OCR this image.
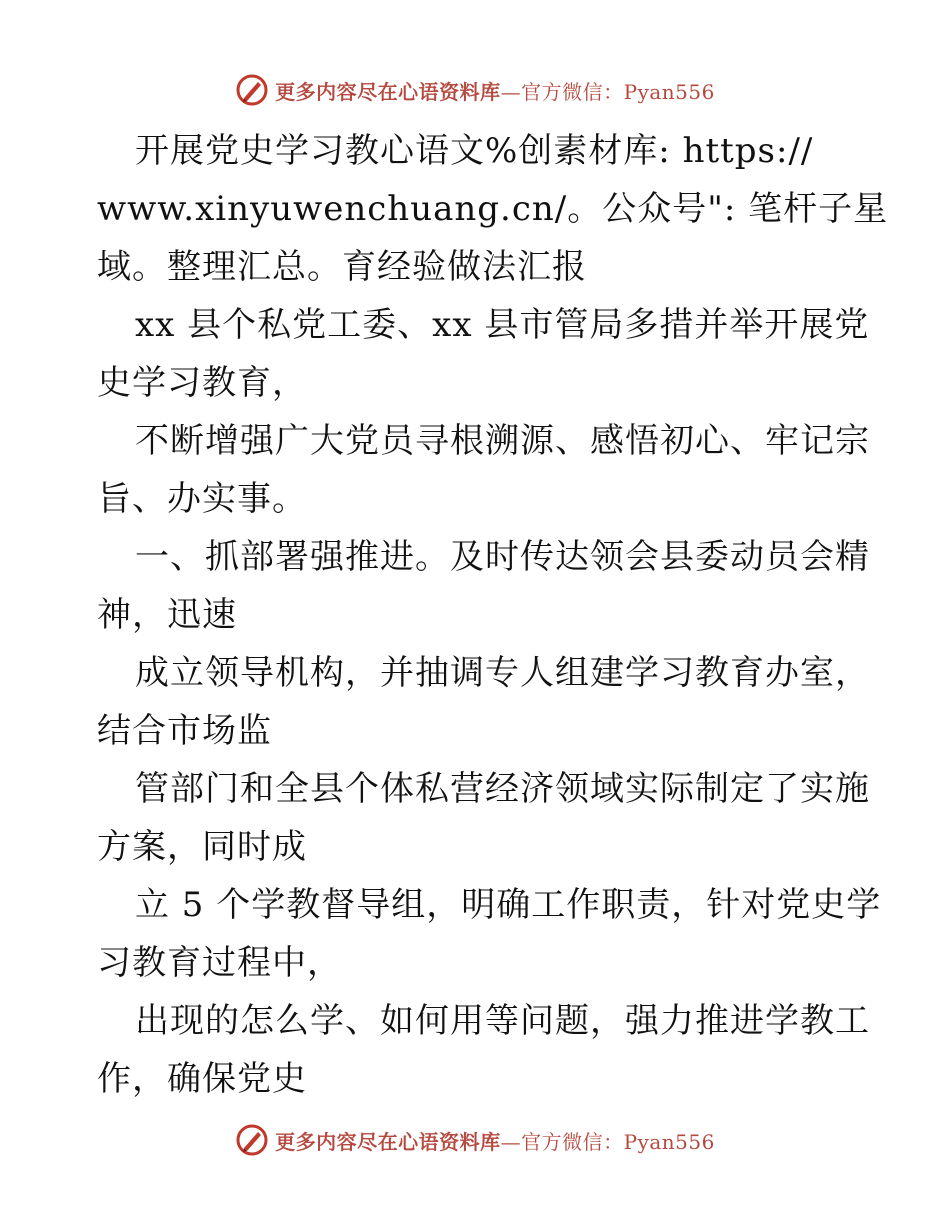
更多内容尽在心语资料库—官方微信：Pyan556
开展党史学习教心语文%创素材库: https://
www.xinyuwenchuang.cn/。公众号": 笔杆子星
域。整理汇总。育经验做法汇报
xx 县个私党工委、xx 县市管局多措并举开展党
史学习教育，
不断增强广大党员寻根溯源、感悟初心、牢记宗
旨、办实事。
一、抓部署强推进。及时传达领会县委动员会精
神，迅速
成立领导机构，并抽调专人组建学习教育办室，
结合市场监
管部门和全县个体私营经济领域实际制定了实施
方案，同时成
立 5 个学教督导组，明确工作职责，针对党史学
习教育过程中，
出现的怎么学、如何用等问题，强力推进学教工
作，确保党史
更多内容尽在心语资料库—官方微信：Pyan556
